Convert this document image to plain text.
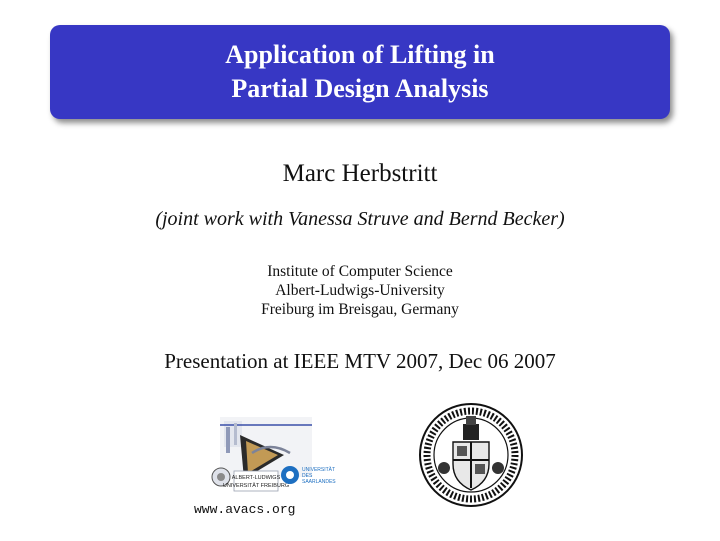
Application of Lifting in
Partial Design Analysis
Marc Herbstritt
(joint work with Vanessa Struve and Bernd Becker)
Institute of Computer Science
Albert-Ludwigs-University
Freiburg im Breisgau, Germany
Presentation at IEEE MTV 2007, Dec 06 2007
ALBERT-LUDWIGS
UNIVERSITÄT FREIBURG
UNIVERSITÄT
DES
SAARLANDES
www.avacs.org
